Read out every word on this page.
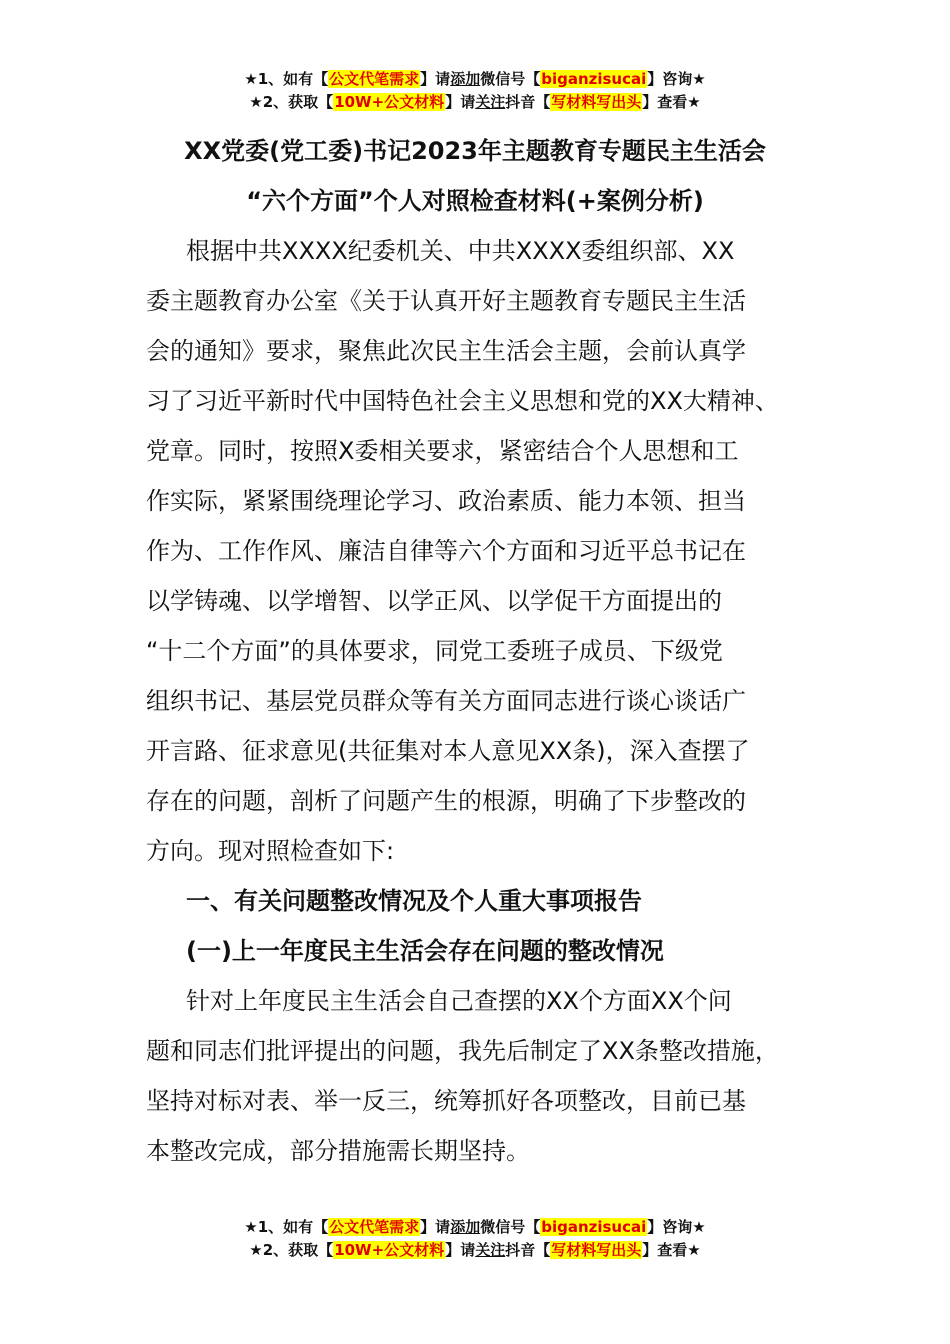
★1、如有【公文代笔需求】请添加微信号【biganzisucai】咨询★
★2、获取【10W+公文材料】请关注抖音【写材料写出头】查看★
XX党委(党工委)书记2023年主题教育专题民主生活会
“六个方面”个人对照检查材料(+案例分析)
根据中共XXXX纪委机关、中共XXXX委组织部、XX
委主题教育办公室《关于认真开好主题教育专题民主生活
会的通知》要求，聚焦此次民主生活会主题，会前认真学
习了习近平新时代中国特色社会主义思想和党的XX大精神、
党章。同时，按照X委相关要求，紧密结合个人思想和工
作实际，紧紧围绕理论学习、政治素质、能力本领、担当
作为、工作作风、廉洁自律等六个方面和习近平总书记在
以学铸魂、以学增智、以学正风、以学促干方面提出的
“十二个方面”的具体要求，同党工委班子成员、下级党
组织书记、基层党员群众等有关方面同志进行谈心谈话广
开言路、征求意见(共征集对本人意见XX条)，深入查摆了
存在的问题，剖析了问题产生的根源，明确了下步整改的
方向。现对照检查如下:
一、有关问题整改情况及个人重大事项报告
(一)上一年度民主生活会存在问题的整改情况
针对上年度民主生活会自己查摆的XX个方面XX个问
题和同志们批评提出的问题，我先后制定了XX条整改措施，
坚持对标对表、举一反三，统筹抓好各项整改，目前已基
本整改完成，部分措施需长期坚持。
★1、如有【公文代笔需求】请添加微信号【biganzisucai】咨询★
★2、获取【10W+公文材料】请关注抖音【写材料写出头】查看★
